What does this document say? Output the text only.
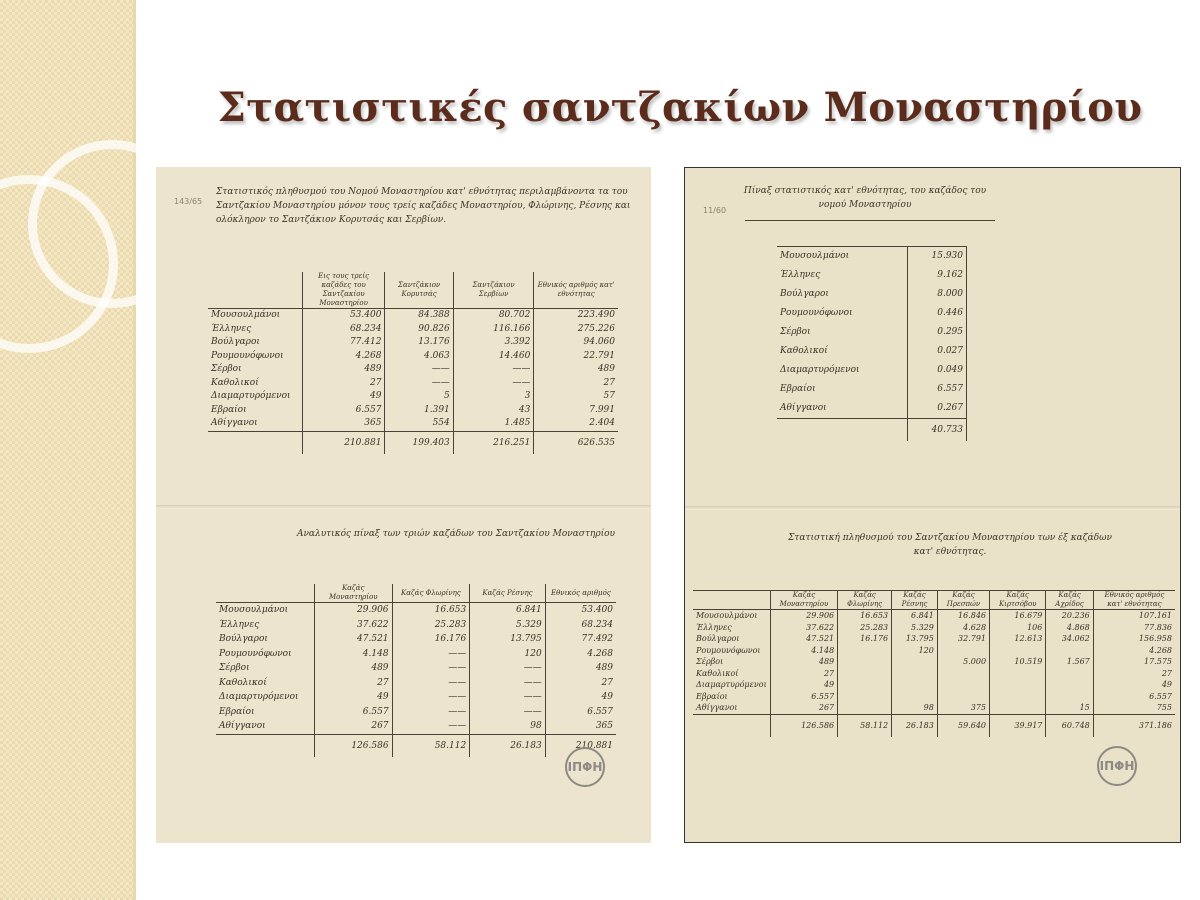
Στατιστικές σαντζακίων Μοναστηρίου
143/65
Στατιστικός πληθυσμού του Νομού Μοναστηρίου κατ' εθνότητας περιλαμβάνοντα τα του Σαντζακίου Μοναστηρίου μόνον τους τρείς καζάδες Μοναστηρίου, Φλώρινης, Ρέσνης και ολόκληρον το Σαντζάκιον Κορυτσάς και Σερβίων.
	Εις τους τρείς καζάδες του Σαντζακίου Μοναστηρίου	Σαντζάκιον Κορυτσάς	Σαντζάκιον Σερβίων	Εθνικός αριθμός κατ' εθνότητας
Μουσουλμάνοι	53.400	84.388	80.702	223.490
Έλληνες	68.234	90.826	116.166	275.226
Βούλγαροι	77.412	13.176	3.392	94.060
Ρουμουνόφωνοι	4.268	4.063	14.460	22.791
Σέρβοι	489	——	——	489
Καθολικοί	27	——	——	27
Διαμαρτυρόμενοι	49	5	3	57
Εβραίοι	6.557	1.391	43	7.991
Αθίγγανοι	365	554	1.485	2.404
	210.881	199.403	216.251	626.535
Αναλυτικός πίναξ των τριών καζάδων του Σαντζακίου Μοναστηρίου
	Καζάς Μοναστηρίου	Καζάς Φλωρίνης	Καζάς Ρέσνης	Εθνικός αριθμός
Μουσουλμάνοι	29.906	16.653	6.841	53.400
Έλληνες	37.622	25.283	5.329	68.234
Βούλγαροι	47.521	16.176	13.795	77.492
Ρουμουνόφωνοι	4.148	——	120	4.268
Σέρβοι	489	——	——	489
Καθολικοί	27	——	——	27
Διαμαρτυρόμενοι	49	——	——	49
Εβραίοι	6.557	——	——	6.557
Αθίγγανοι	267	——	98	365
	126.586	58.112	26.183	210.881
ΙΠΦΗ
11/60
Πίναξ στατιστικός κατ' εθνότητας, του καζάδος του νομού Μοναστηρίου
Μουσουλμάνοι	15.930
Έλληνες	9.162
Βούλγαροι	8.000
Ρουμουνόφωνοι	0.446
Σέρβοι	0.295
Καθολικοί	0.027
Διαμαρτυρόμενοι	0.049
Εβραίοι	6.557
Αθίγγανοι	0.267
	40.733
Στατιστική πληθυσμού του Σαντζακίου Μοναστηρίου των έξ καζάδων κατ' εθνότητας.
	Καζάς Μοναστηρίου	Καζάς Φλωρίνης	Καζάς Ρέσνης	Καζάς Πρεσπών	Καζάς Κιρτσόβου	Καζάς Αχρίδος	Εθνικός αριθμός κατ' εθνότητας
Μουσουλμάνοι	29.906	16.653	6.841	16.846	16.679	20.236	107.161
Έλληνες	37.622	25.283	5.329	4.628	106	4.868	77.836
Βούλγαροι	47.521	16.176	13.795	32.791	12.613	34.062	156.958
Ρουμουνόφωνοι	4.148		120				4.268
Σέρβοι	489			5.000	10.519	1.567	17.575
Καθολικοί	27						27
Διαμαρτυρόμενοι	49						49
Εβραίοι	6.557						6.557
Αθίγγανοι	267		98	375		15	755
	126.586	58.112	26.183	59.640	39.917	60.748	371.186
ΙΠΦΗ
